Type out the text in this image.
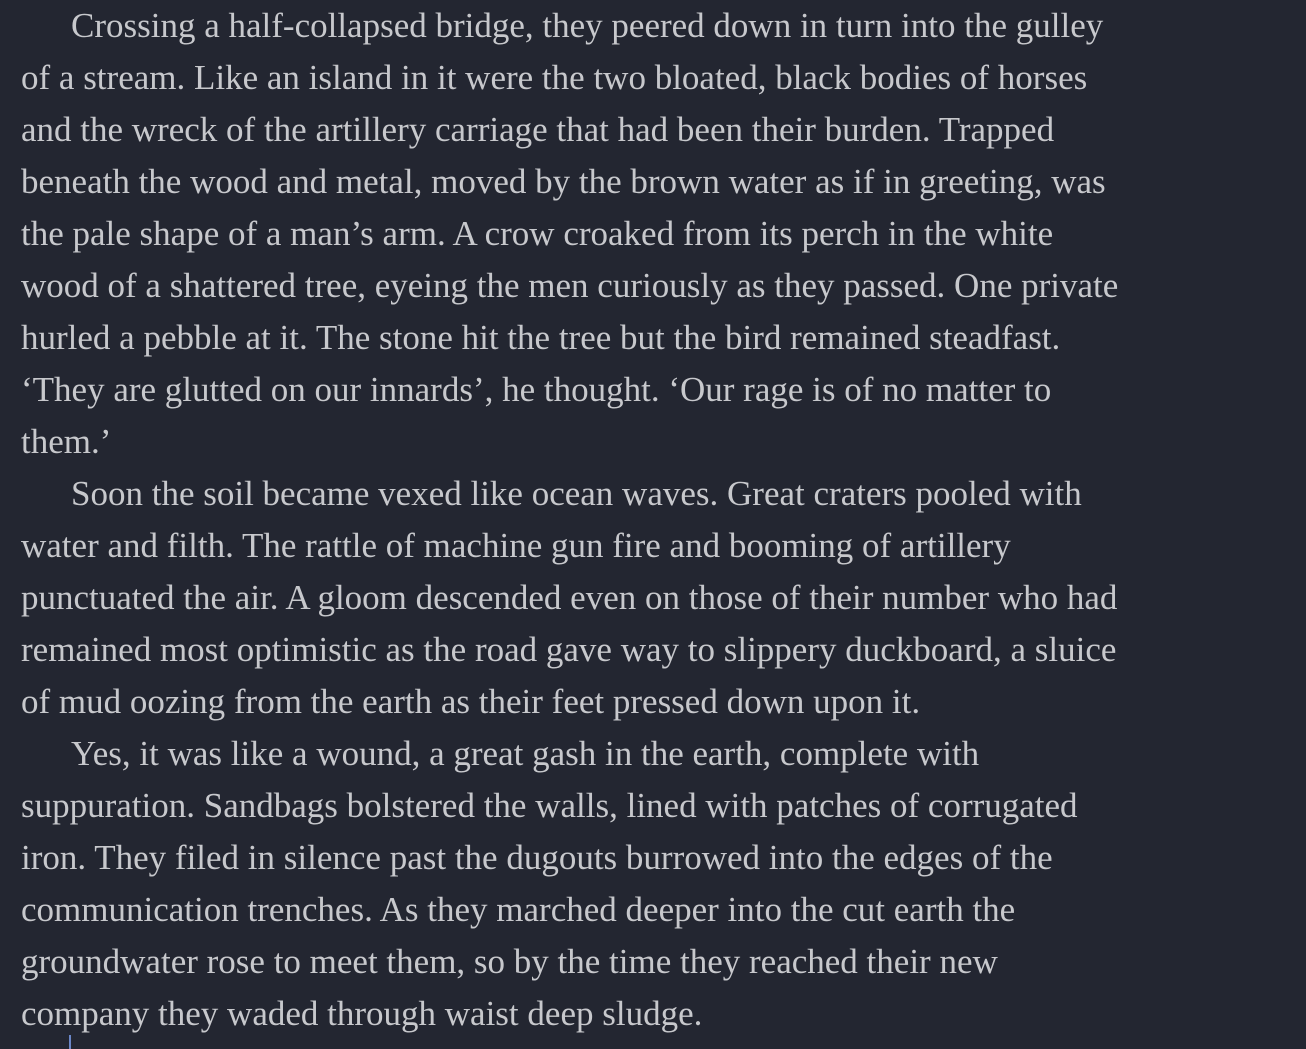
Crossing a half-collapsed bridge, they peered down in turn into the gulley
of a stream. Like an island in it were the two bloated, black bodies of horses
and the wreck of the artillery carriage that had been their burden. Trapped
beneath the wood and metal, moved by the brown water as if in greeting, was
the pale shape of a man’s arm. A crow croaked from its perch in the white
wood of a shattered tree, eyeing the men curiously as they passed. One private
hurled a pebble at it. The stone hit the tree but the bird remained steadfast.
‘They are glutted on our innards’, he thought. ‘Our rage is of no matter to
them.’
Soon the soil became vexed like ocean waves. Great craters pooled with
water and filth. The rattle of machine gun fire and booming of artillery
punctuated the air. A gloom descended even on those of their number who had
remained most optimistic as the road gave way to slippery duckboard, a sluice
of mud oozing from the earth as their feet pressed down upon it.
Yes, it was like a wound, a great gash in the earth, complete with
suppuration. Sandbags bolstered the walls, lined with patches of corrugated
iron. They filed in silence past the dugouts burrowed into the edges of the
communication trenches. As they marched deeper into the cut earth the
groundwater rose to meet them, so by the time they reached their new
company they waded through waist deep sludge.
